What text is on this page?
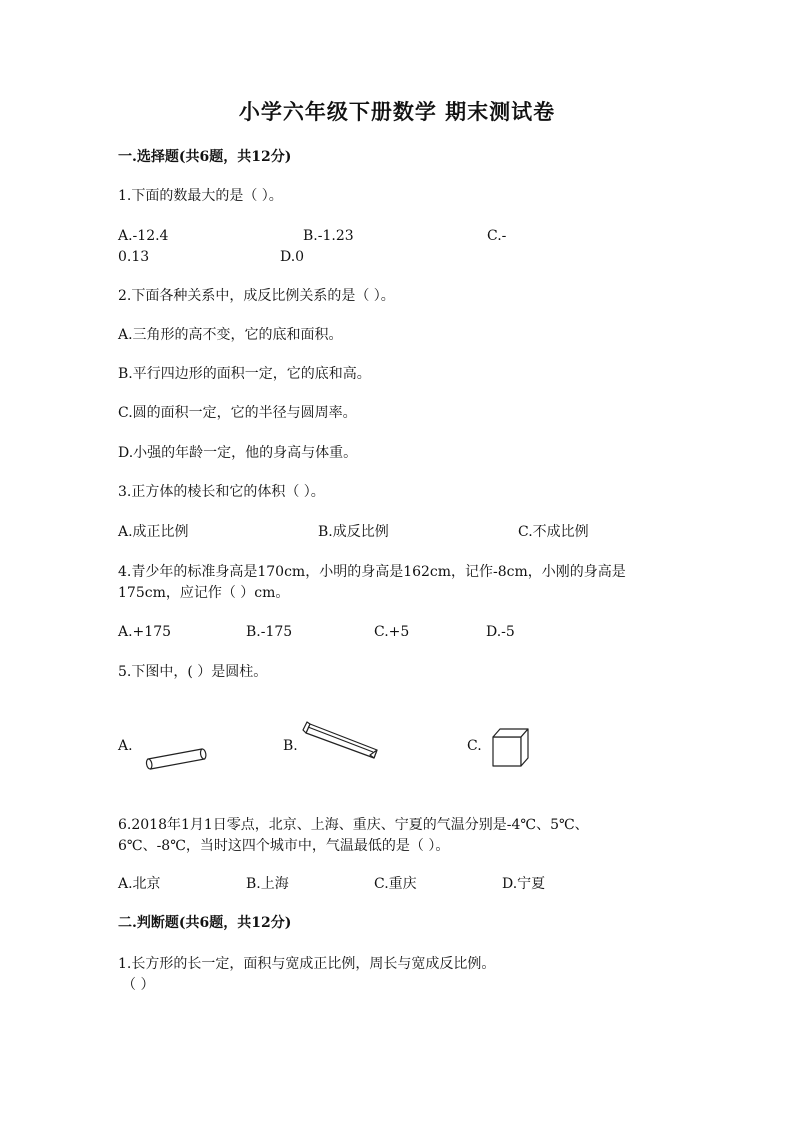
小学六年级下册数学 期末测试卷
一.选择题(共6题，共12分)
1.下面的数最大的是（ ）。
A.-12.4	B.-1.23	C.-
0.13	D.0
2.下面各种关系中，成反比例关系的是（ ）。
A.三角形的高不变，它的底和面积。
B.平行四边形的面积一定，它的底和高。
C.圆的面积一定，它的半径与圆周率。
D.小强的年龄一定，他的身高与体重。
3.正方体的棱长和它的体积（ ）。
A.成正比例	B.成反比例	C.不成比例
4.青少年的标准身高是170cm，小明的身高是162cm，记作-8cm，小刚的身高是
175cm，应记作（ ）cm。
A.+175	B.-175	C.+5	D.-5
5.下图中，( ）是圆柱。
A.	B.	C.
6.2018年1月1日零点，北京、上海、重庆、宁夏的气温分别是-4℃、5℃、
6℃、-8℃，当时这四个城市中，气温最低的是（ ）。
A.北京	B.上海	C.重庆	D.宁夏
二.判断题(共6题，共12分)
1.长方形的长一定，面积与宽成正比例，周长与宽成反比例。
（ ）
